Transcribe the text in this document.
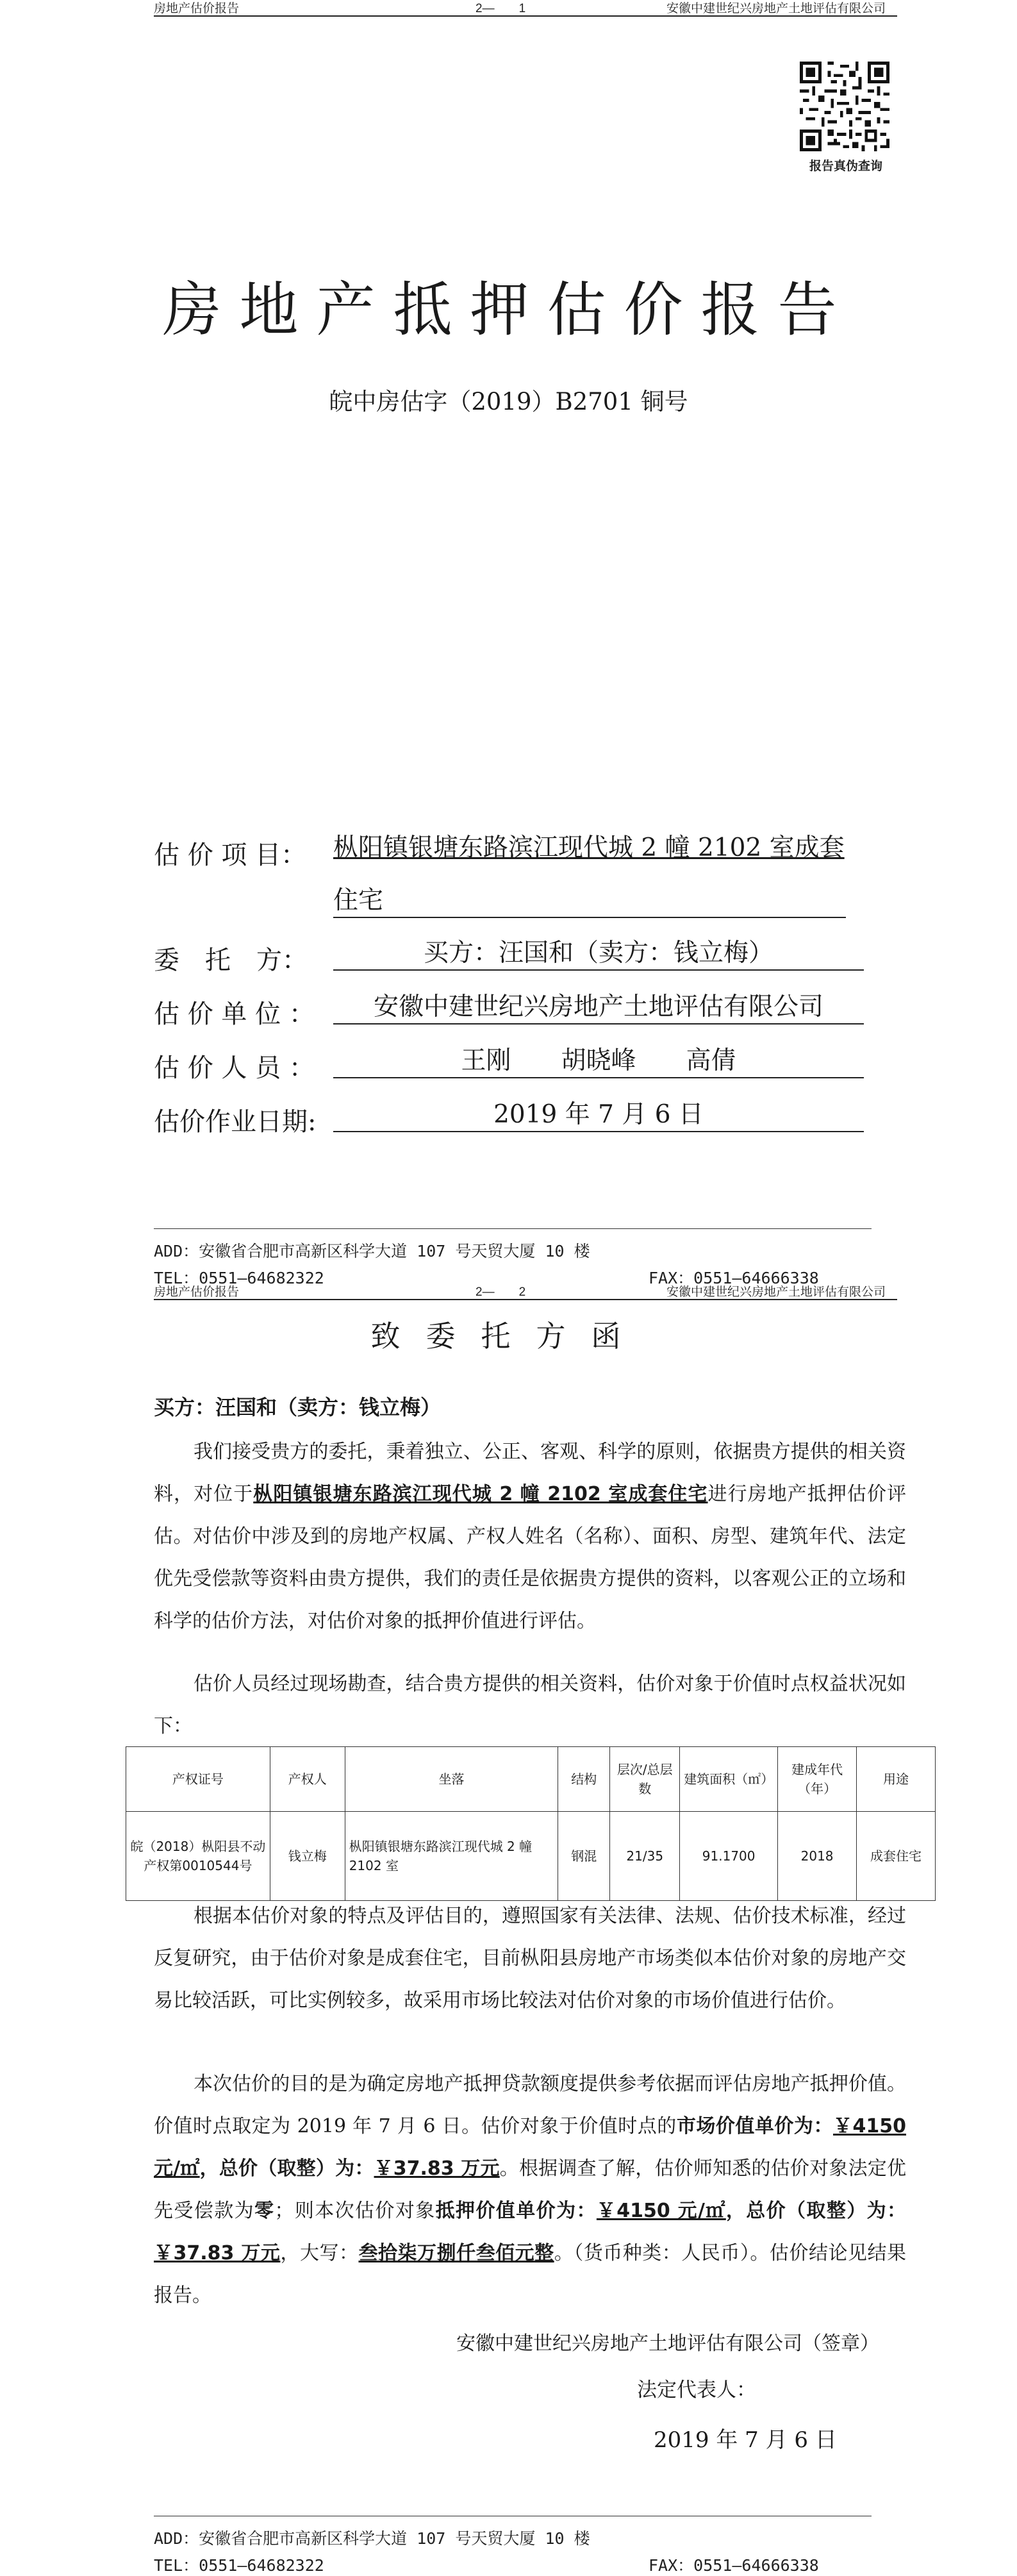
房地产估价报告	2—　　1	安徽中建世纪兴房地产土地评估有限公司
报告真伪查询
房地产抵押估价报告
皖中房估字（2019）B2701 铜号
估 价 项 目： 枞阳镇银塘东路滨江现代城 2 幢 2102 室成套
住宅
委　托　方：	买方：汪国和（卖方：钱立梅）
估 价 单 位 ：	安徽中建世纪兴房地产土地评估有限公司
估 价 人 员 ：	王刚　　胡晓峰　　高倩
估价作业日期:	2019 年 7 月 6 日
ADD：安徽省合肥市高新区科学大道 107 号天贸大厦 10 楼
TEL：0551—64682322	FAX：0551—64666338
房地产估价报告	2—　　2	安徽中建世纪兴房地产土地评估有限公司
致委托方函
买方：汪国和（卖方：钱立梅）
我们接受贵方的委托，秉着独立、公正、客观、科学的原则，依据贵方提供的相关资料，对位于枞阳镇银塘东路滨江现代城 2 幢 2102 室成套住宅进行房地产抵押估价评估。对估价中涉及到的房地产权属、产权人姓名（名称）、面积、房型、建筑年代、法定优先受偿款等资料由贵方提供，我们的责任是依据贵方提供的资料，以客观公正的立场和科学的估价方法，对估价对象的抵押价值进行评估。
估价人员经过现场勘查，结合贵方提供的相关资料，估价对象于价值时点权益状况如下：
产权证号	产权人	坐落	结构	层次/总层数	建筑面积（㎡）	建成年代（年）	用途
皖（2018）枞阳县不动产权第0010544号	钱立梅	枞阳镇银塘东路滨江现代城 2 幢 2102 室	钢混	21/35	91.1700	2018	成套住宅
根据本估价对象的特点及评估目的，遵照国家有关法律、法规、估价技术标准，经过反复研究，由于估价对象是成套住宅，目前枞阳县房地产市场类似本估价对象的房地产交易比较活跃，可比实例较多，故采用市场比较法对估价对象的市场价值进行估价。
本次估价的目的是为确定房地产抵押贷款额度提供参考依据而评估房地产抵押价值。价值时点取定为 2019 年 7 月 6 日。估价对象于价值时点的市场价值单价为：￥4150 元/㎡，总价（取整）为：￥37.83 万元。根据调查了解，估价师知悉的估价对象法定优先受偿款为零；则本次估价对象抵押价值单价为：￥4150 元/㎡，总价（取整）为：￥37.83 万元，大写：叁拾柒万捌仟叁佰元整。（货币种类：人民币）。估价结论见结果报告。
安徽中建世纪兴房地产土地评估有限公司（签章）
法定代表人：
2019 年 7 月 6 日
ADD：安徽省合肥市高新区科学大道 107 号天贸大厦 10 楼
TEL：0551—64682322	FAX：0551—64666338
